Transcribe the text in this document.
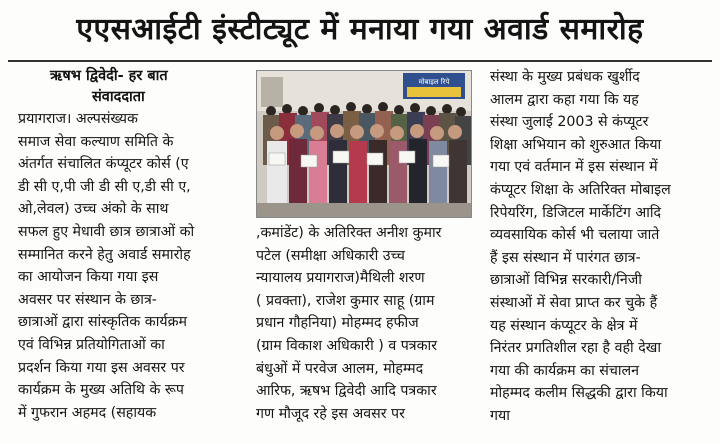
एएसआईटी इंस्टीट्यूट में मनाया गया अवार्ड समारोह
ऋषभ द्विवेदी- हर बात
संवाददाता
प्रयागराज। अल्पसंख्यक
समाज सेवा कल्याण समिति के
अंतर्गत संचालित कंप्यूटर कोर्स (ए
डी सी ए,पी जी डी सी ए,डी सी ए,
ओ,लेवल) उच्च अंको के साथ
सफल हुए मेधावी छात्र छात्राओं को
सम्मानित करने हेतु अवार्ड समारोह
का आयोजन किया गया इस
अवसर पर संस्थान के छात्र-
छात्राओं द्वारा सांस्कृतिक कार्यक्रम
एवं विभिन्न प्रतियोगिताओं का
प्रदर्शन किया गया इस अवसर पर
कार्यक्रम के मुख्य अतिथि के रूप
में गुफरान अहमद (सहायक
मोबाइल रिपे
,कमांडेंट) के अतिरिक्त अनीश कुमार
पटेल (समीक्षा अधिकारी उच्च
न्यायालय प्रयागराज)मैथिली शरण
( प्रवक्ता), राजेश कुमार साहू (ग्राम
प्रधान गौहनिया) मोहम्मद हफीज
(ग्राम विकाश अधिकारी ) व पत्रकार
बंधुओं में परवेज आलम, मोहम्मद
आरिफ, ऋषभ द्विवेदी आदि पत्रकार
गण मौजूद रहे इस अवसर पर
संस्था के मुख्य प्रबंधक खुर्शीद
आलम द्वारा कहा गया कि यह
संस्था जुलाई 2003 से कंप्यूटर
शिक्षा अभियान को शुरुआत किया
गया एवं वर्तमान में इस संस्थान में
कंप्यूटर शिक्षा के अतिरिक्त मोबाइल
रिपेयरिंग, डिजिटल मार्केटिंग आदि
व्यवसायिक कोर्स भी चलाया जाते
हैं इस संस्थान में पारंगत छात्र-
छात्राओं विभिन्न सरकारी/निजी
संस्थाओं में सेवा प्राप्त कर चुके हैं
यह संस्थान कंप्यूटर के क्षेत्र में
निरंतर प्रगतिशील रहा है वही देखा
गया की कार्यक्रम का संचालन
मोहम्मद कलीम सिद्धकी द्वारा किया
गया
